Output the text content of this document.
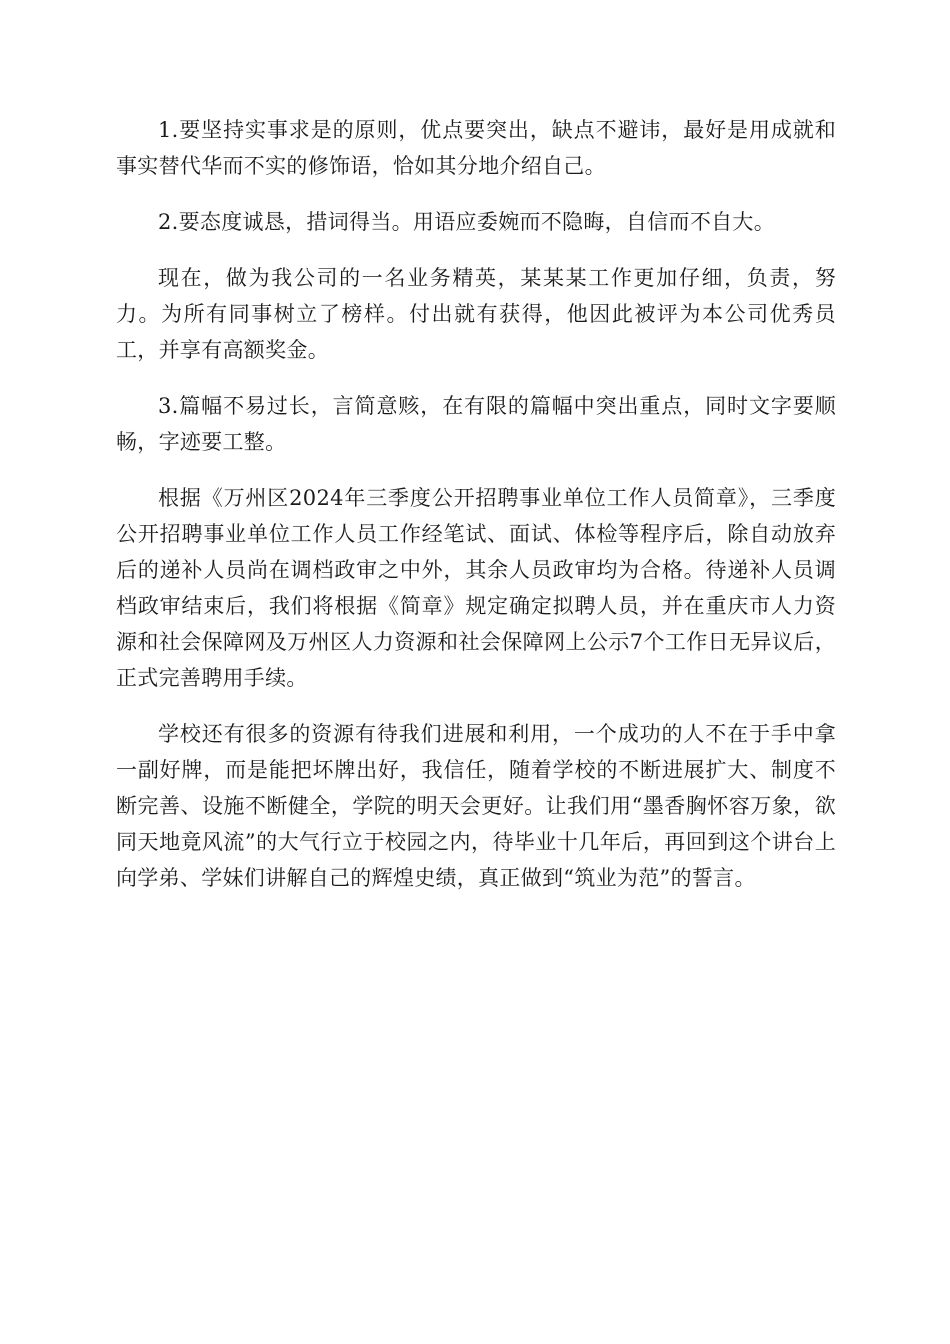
1.要坚持实事求是的原则，优点要突出，缺点不避讳，最好是用成就和事实替代华而不实的修饰语，恰如其分地介绍自己。

2.要态度诚恳，措词得当。用语应委婉而不隐晦，自信而不自大。

现在，做为我公司的一名业务精英，某某某工作更加仔细，负责，努力。为所有同事树立了榜样。付出就有获得，他因此被评为本公司优秀员工，并享有高额奖金。

3.篇幅不易过长，言简意赅，在有限的篇幅中突出重点，同时文字要顺畅，字迹要工整。

根据《万州区2024年三季度公开招聘事业单位工作人员简章》，三季度公开招聘事业单位工作人员工作经笔试、面试、体检等程序后，除自动放弃后的递补人员尚在调档政审之中外，其余人员政审均为合格。待递补人员调档政审结束后，我们将根据《简章》规定确定拟聘人员，并在重庆市人力资源和社会保障网及万州区人力资源和社会保障网上公示7个工作日无异议后，正式完善聘用手续。

学校还有很多的资源有待我们进展和利用，一个成功的人不在于手中拿一副好牌，而是能把坏牌出好，我信任，随着学校的不断进展扩大、制度不断完善、设施不断健全，学院的明天会更好。让我们用“墨香胸怀容万象，欲同天地竟风流”的大气行立于校园之内，待毕业十几年后，再回到这个讲台上向学弟、学妹们讲解自己的辉煌史绩，真正做到“筑业为范”的誓言。
